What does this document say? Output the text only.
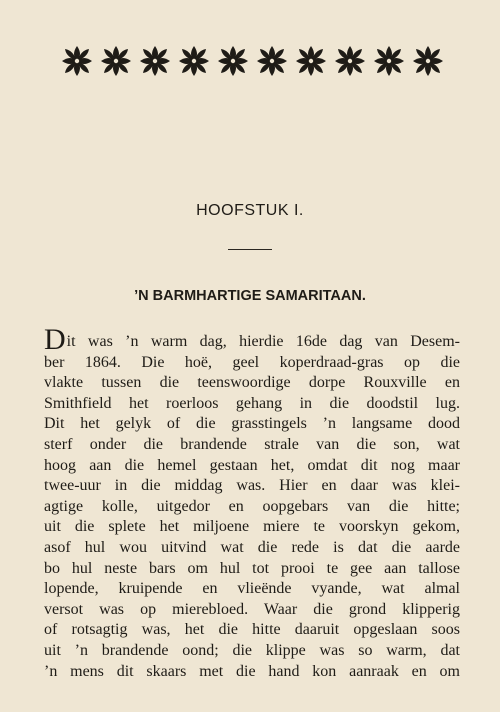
HOOFSTUK I.
’N BARMHARTIGE SAMARITAAN.
Dit was ’n warm dag, hierdie 16de dag van Desem-
ber 1864. Die hoë, geel koperdraad-gras op die
vlakte tussen die teenswoordige dorpe Rouxville en
Smithfield het roerloos gehang in die doodstil lug.
Dit het gelyk of die grasstingels ’n langsame dood
sterf onder die brandende strale van die son, wat
hoog aan die hemel gestaan het, omdat dit nog maar
twee-uur in die middag was. Hier en daar was klei-
agtige kolle, uitgedor en oopgebars van die hitte;
uit die splete het miljoene miere te voorskyn gekom,
asof hul wou uitvind wat die rede is dat die aarde
bo hul neste bars om hul tot prooi te gee aan tallose
lopende, kruipende en vlieënde vyande, wat almal
versot was op mierebloed. Waar die grond klipperig
of rotsagtig was, het die hitte daaruit opgeslaan soos
uit ’n brandende oond; die klippe was so warm, dat
’n mens dit skaars met die hand kon aanraak en om
